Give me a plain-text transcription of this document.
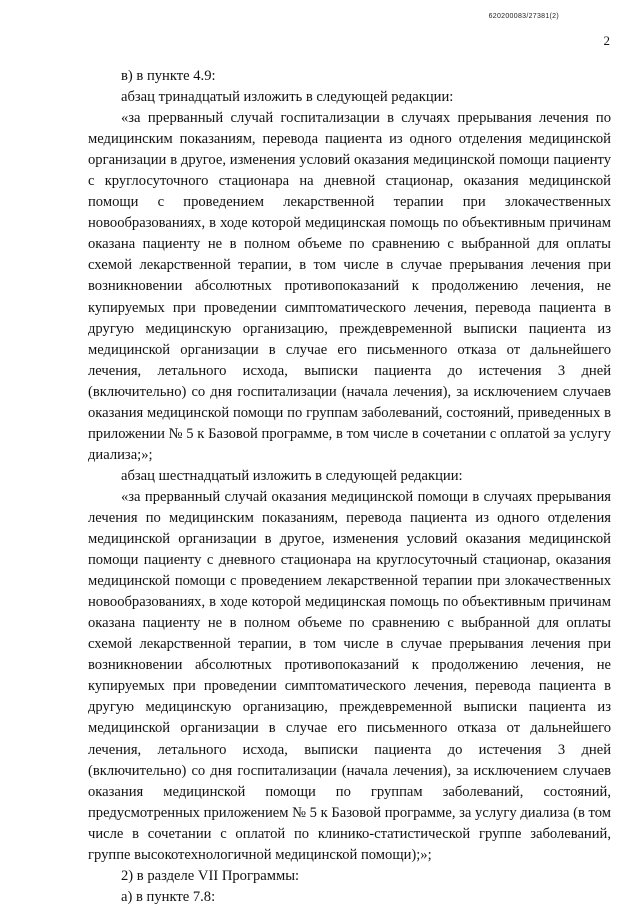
620200083/27381(2)
2

в) в пункте 4.9:

абзац тринадцатый изложить в следующей редакции:

«за прерванный случай госпитализации в случаях прерывания лечения по медицинским показаниям, перевода пациента из одного отделения медицинской организации в другое, изменения условий оказания медицинской помощи пациенту с круглосуточного стационара на дневной стационар, оказания медицинской помощи с проведением лекарственной терапии при злокачественных новообразованиях, в ходе которой медицинская помощь по объективным причинам оказана пациенту не в полном объеме по сравнению с выбранной для оплаты схемой лекарственной терапии, в том числе в случае прерывания лечения при возникновении абсолютных противопоказаний к продолжению лечения, не купируемых при проведении симптоматического лечения, перевода пациента в другую медицинскую организацию, преждевременной выписки пациента из медицинской организации в случае его письменного отказа от дальнейшего лечения, летального исхода, выписки пациента до истечения 3 дней (включительно) со дня госпитализации (начала лечения), за исключением случаев оказания медицинской помощи по группам заболеваний, состояний, приведенных в приложении № 5 к Базовой программе, в том числе в сочетании с оплатой за услугу диализа;»;

абзац шестнадцатый изложить в следующей редакции:

«за прерванный случай оказания медицинской помощи в случаях прерывания лечения по медицинским показаниям, перевода пациента из одного отделения медицинской организации в другое, изменения условий оказания медицинской помощи пациенту с дневного стационара на круглосуточный стационар, оказания медицинской помощи с проведением лекарственной терапии при злокачественных новообразованиях, в ходе которой медицинская помощь по объективным причинам оказана пациенту не в полном объеме по сравнению с выбранной для оплаты схемой лекарственной терапии, в том числе в случае прерывания лечения при возникновении абсолютных противопоказаний к продолжению лечения, не купируемых при проведении симптоматического лечения, перевода пациента в другую медицинскую организацию, преждевременной выписки пациента из медицинской организации в случае его письменного отказа от дальнейшего лечения, летального исхода, выписки пациента до истечения 3 дней (включительно) со дня госпитализации (начала лечения), за исключением случаев оказания медицинской помощи по группам заболеваний, состояний, предусмотренных приложением № 5 к Базовой программе, за услугу диализа (в том числе в сочетании с оплатой по клинико-статистической группе заболеваний, группе высокотехнологичной медицинской помощи);»;

2) в разделе VII Программы:

а) в пункте 7.8:
